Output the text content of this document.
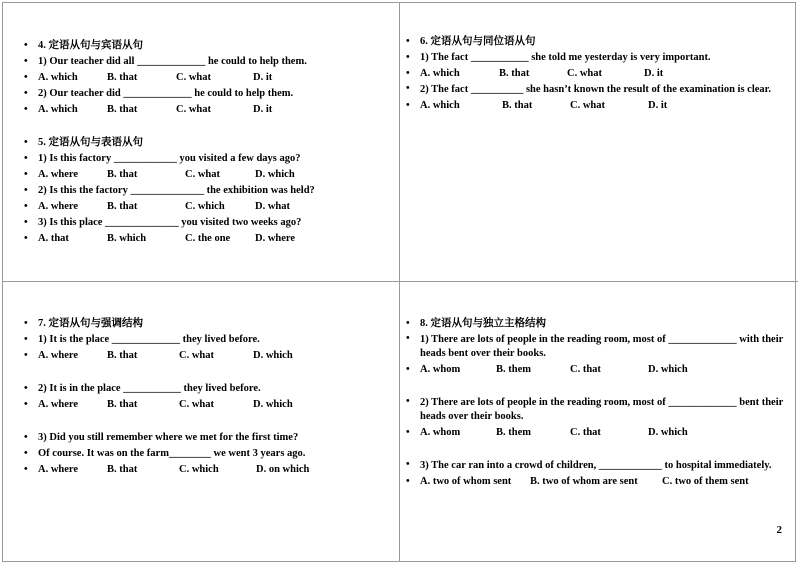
• 4. 定语从句与宾语从句
• 1) Our teacher did all _____________ he could to help them.
• A. which	B. that	C. what	D. it
• 2) Our teacher did _____________ he could to help them.
• A. which	B. that	C. what	D. it
• 5. 定语从句与表语从句
• 1) Is this factory ____________ you visited a few days ago?
• A. where	B. that	C. what	D. which
• 2) Is this the factory ______________ the exhibition was held?
• A. where	B. that	C. which	D. what
• 3) Is this place ______________ you visited two weeks ago?
• A. that	B. which	C. the one	D. where
• 6. 定语从句与同位语从句
• 1) The fact ___________ she told me yesterday is very important.
• A. which	B. that	C. what	D. it
• 2) The fact __________ she hasn’t known the result of the examination is clear.
• A. which	B. that	C. what	D. it
• 7. 定语从句与强调结构
• 1) It is the place _____________ they lived before.
• A. where	B. that	C. what	D. which
• 2) It is in the place ___________ they lived before.
• A. where	B. that	C. what	D. which
• 3) Did you still remember where we met for the first time?
• Of course. It was on the farm________ we went 3 years ago.
• A. where	B. that	C. which	D. on which
• 8. 定语从句与独立主格结构
• 1) There are lots of people in the reading room, most of _____________ with their heads bent over their books.
• A. whom	B. them	C. that	D. which
• 2) There are lots of people in the reading room, most of _____________ bent their heads over their books.
• A. whom	B. them	C. that	D. which
• 3) The car ran into a crowd of children, ____________ to hospital immediately.
• A. two of whom sent	B. two of whom are sent	C. two of them sent
2
